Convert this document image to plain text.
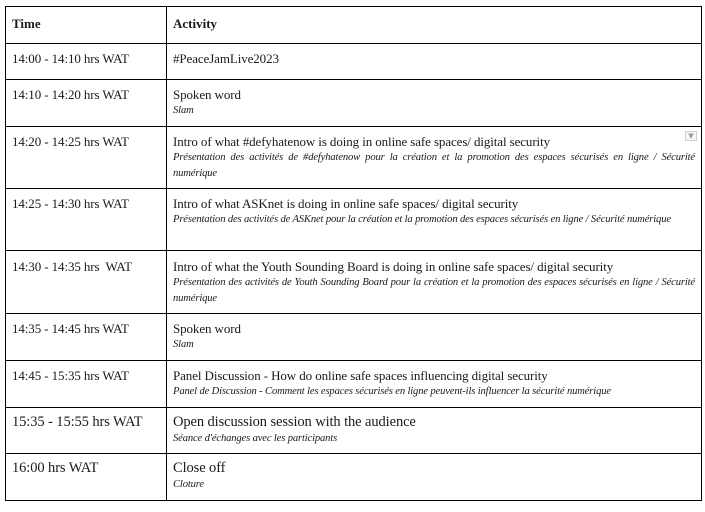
Time	Activity

14:00 - 14:10 hrs WAT	#PeaceJamLive2023

14:10 - 14:20 hrs WAT	Spoken word
Slam

14:20 - 14:25 hrs WAT	▼
Intro of what #defyhatenow is doing in online safe spaces/ digital security
Présentation des activités de #defyhatenow pour la création et la promotion des espaces sécurisés en ligne / Sécurité numérique

14:25 - 14:30 hrs WAT	Intro of what ASKnet is doing in online safe spaces/ digital security
Présentation des activités de ASKnet pour la création et la promotion des espaces sécurisés en ligne / Sécurité numérique

14:30 - 14:35 hrs  WAT	Intro of what the Youth Sounding Board is doing in online safe spaces/ digital security
Présentation des activités de Youth Sounding Board pour la création et la promotion des espaces sécurisés en ligne / Sécurité numérique

14:35 - 14:45 hrs WAT	Spoken word
Slam

14:45 - 15:35 hrs WAT	Panel Discussion - How do online safe spaces influencing digital security
Panel de Discussion - Comment les espaces sécurisés en ligne peuvent-ils influencer la sécurité numérique

15:35 - 15:55 hrs WAT	Open discussion session with the audience
Séance d'échanges avec les participants

16:00 hrs WAT	Close off
Cloture
